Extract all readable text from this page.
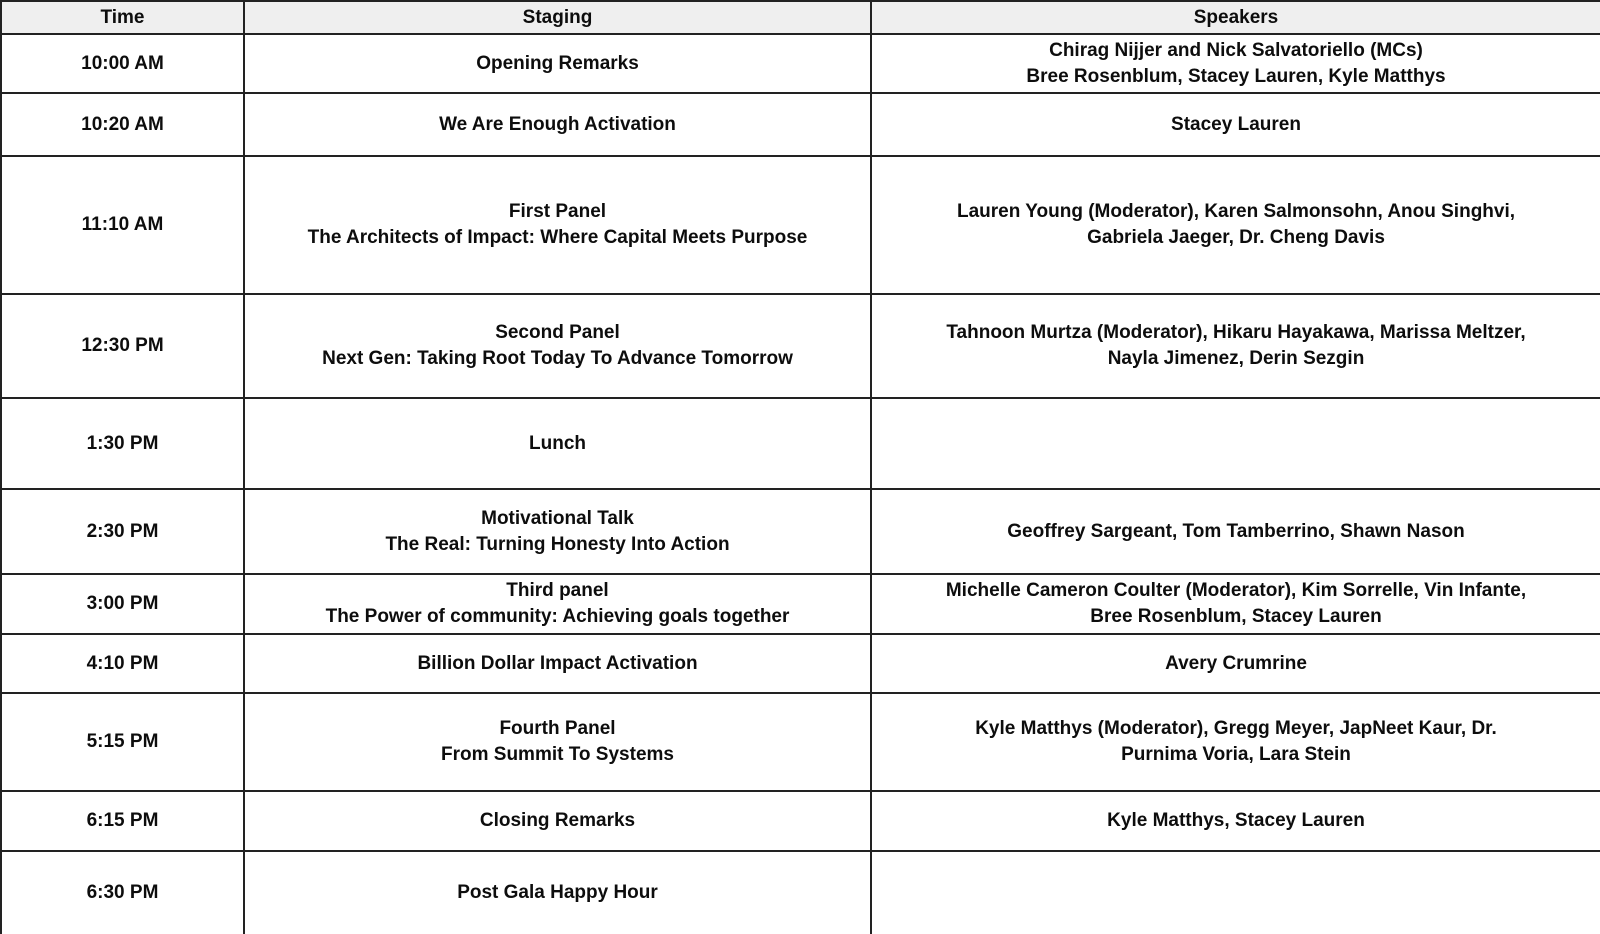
Time	Staging	Speakers
10:00 AM	Opening Remarks	Chirag Nijjer and Nick Salvatoriello (MCs)
Bree Rosenblum, Stacey Lauren, Kyle Matthys

10:20 AM	We Are Enough Activation	Stacey Lauren

11:10 AM	First Panel
The Architects of Impact: Where Capital Meets Purpose	Lauren Young (Moderator), Karen Salmonsohn, Anou Singhvi,
Gabriela Jaeger, Dr. Cheng Davis

12:30 PM	Second Panel
Next Gen: Taking Root Today To Advance Tomorrow	Tahnoon Murtza (Moderator), Hikaru Hayakawa, Marissa Meltzer,
Nayla Jimenez, Derin Sezgin

1:30 PM	Lunch	

2:30 PM	Motivational Talk
The Real: Turning Honesty Into Action	Geoffrey Sargeant, Tom Tamberrino, Shawn Nason

3:00 PM	Third panel
The Power of community: Achieving goals together	Michelle Cameron Coulter (Moderator), Kim Sorrelle, Vin Infante,
Bree Rosenblum, Stacey Lauren

4:10 PM	Billion Dollar Impact Activation	Avery Crumrine

5:15 PM	Fourth Panel
From Summit To Systems	Kyle Matthys (Moderator), Gregg Meyer, JapNeet Kaur, Dr.
Purnima Voria, Lara Stein

6:15 PM	Closing Remarks	Kyle Matthys, Stacey Lauren

6:30 PM	Post Gala Happy Hour	
